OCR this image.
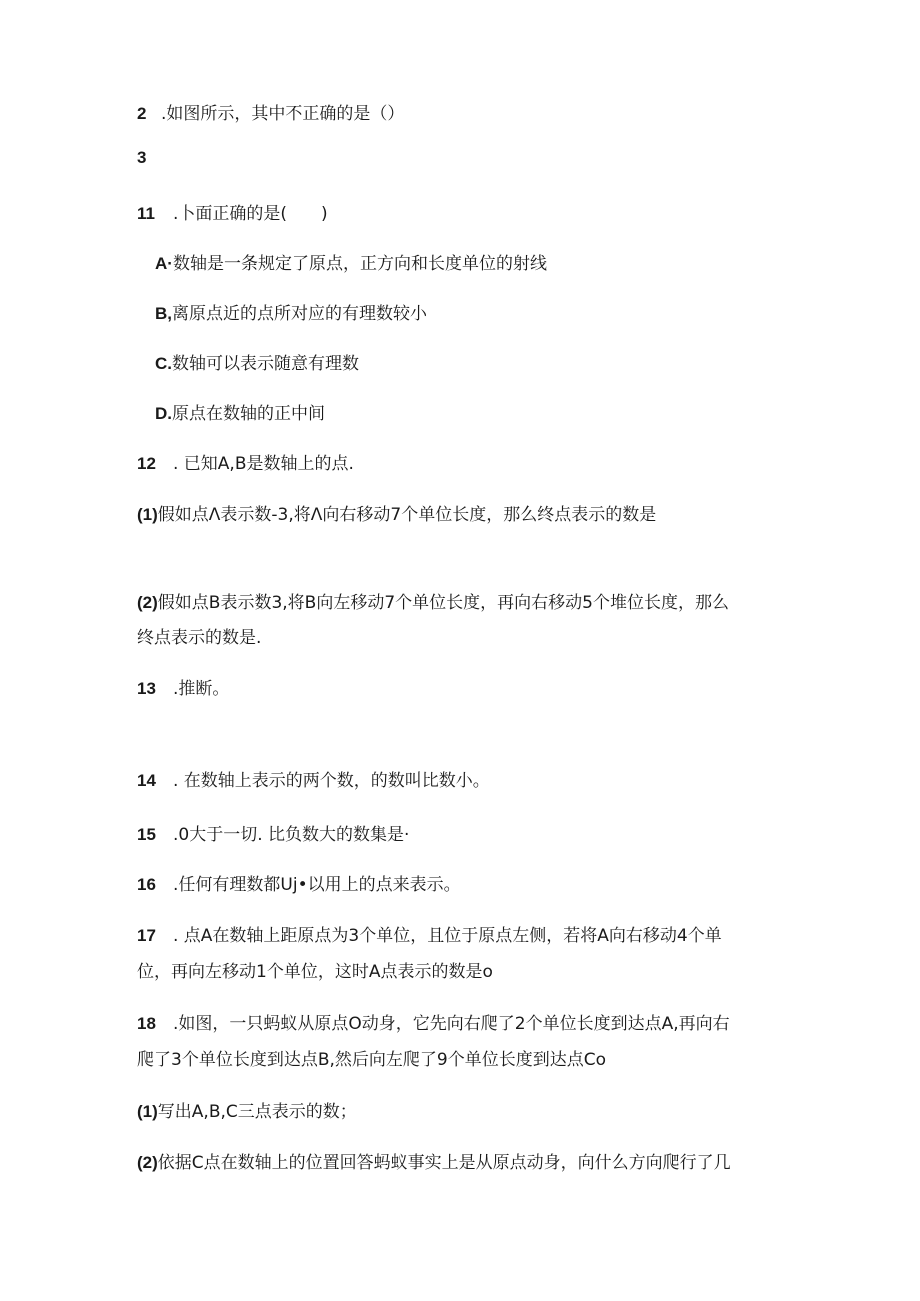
2 .如图所示，其中不正确的是（）

3

11 .卜面正确的是(　　)

A·数轴是一条规定了原点，正方向和长度单位的射线

B,离原点近的点所对应的有理数较小

C.数轴可以表示随意有理数

D.原点在数轴的正中间

12 . 已知A,B是数轴上的点.

(1)假如点Λ表示数-3,将Λ向右移动7个单位长度，那么终点表示的数是

(2)假如点B表示数3,将B向左移动7个单位长度，再向右移动5个堆位长度，那么

终点表示的数是.

13 .推断。

14 . 在数轴上表示的两个数，的数叫比数小。

15 .0大于一切. 比负数大的数集是·

16 .任何有理数都Uj•以用上的点来表示。

17 . 点A在数轴上距原点为3个单位，且位于原点左侧，若将A向右移动4个单

位，再向左移动1个单位，这时A点表示的数是o

18 .如图，一只蚂蚁从原点O动身，它先向右爬了2个单位长度到达点A,再向右

爬了3个单位长度到达点B,然后向左爬了9个单位长度到达点Co

(1)写出A,B,C三点表示的数；

(2)依据C点在数轴上的位置回答蚂蚁事实上是从原点动身，向什么方向爬行了几
